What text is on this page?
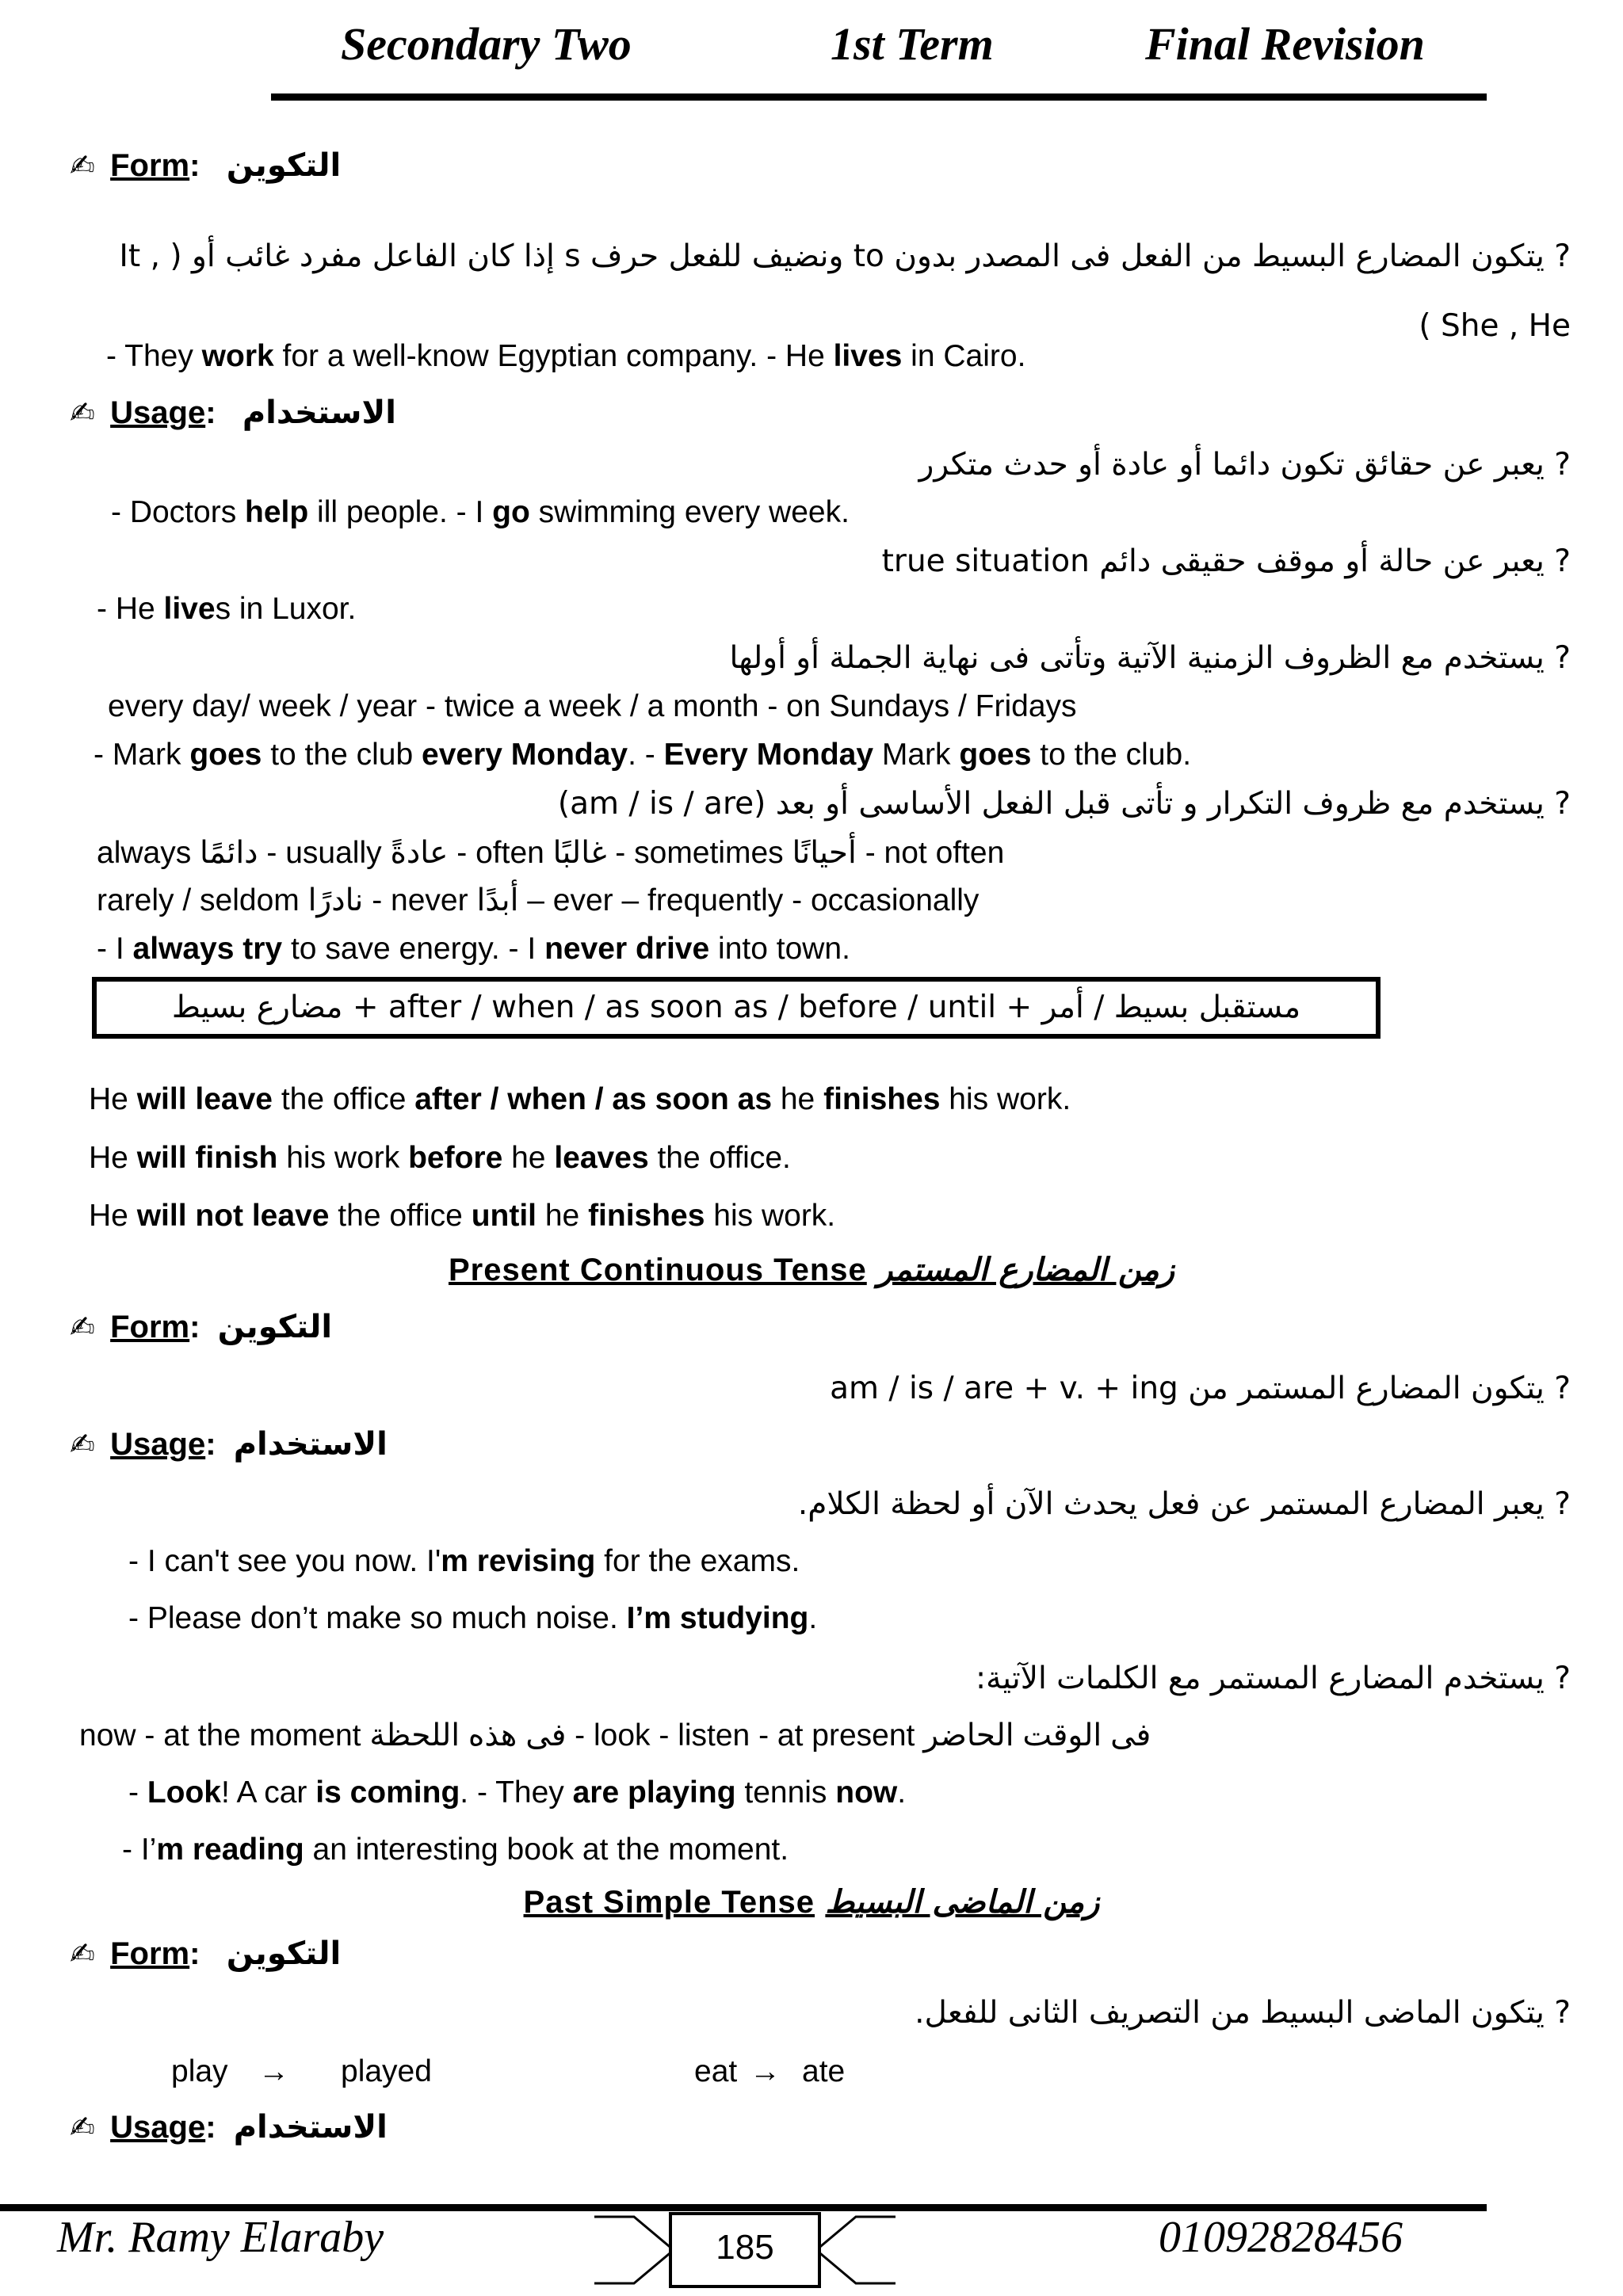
Secondary Two	1st Term	Final Revision
✍ Form:   التكوين
? يتكون المضارع البسيط من الفعل فى المصدر بدون to ونضيف للفعل حرف s إذا كان الفاعل مفرد غائب أو ( It , She , He )
- They work for a well-know Egyptian company. - He lives in Cairo.
✍ Usage:   الاستخدام
? يعبر عن حقائق تكون دائما أو عادة أو حدث متكرر
- Doctors help ill people. - I go swimming every week.
? يعبر عن حالة أو موقف حقيقى دائم true situation
- He lives in Luxor.
? يستخدم مع الظروف الزمنية الآتية وتأتى فى نهاية الجملة أو أولها
every day/ week / year - twice a week / a month - on Sundays / Fridays
- Mark goes to the club every Monday. - Every Monday Mark goes to the club.
? يستخدم مع ظروف التكرار و تأتى قبل الفعل الأساسى أو بعد (am / is / are)
always دائمًا - usually عادةً - often غالبًا - sometimes أحيانًا - not often
rarely / seldom نادرًا - never أبدًا – ever – frequently - occasionally
- I always try to save energy. - I never drive into town.
مستقبل بسيط / أمر + after / when / as soon as / before / until + مضارع بسيط
He will leave the office after / when / as soon as he finishes his work.
He will finish his work before he leaves the office.
He will not leave the office until he finishes his work.
Present Continuous Tense زمن المضارع المستمر
✍ Form:  التكوين
? يتكون المضارع المستمر من am / is / are + v. + ing
✍ Usage:  الاستخدام
? يعبر المضارع المستمر عن فعل يحدث الآن أو لحظة الكلام.
- I can't see you now. I'm revising for the exams.
- Please don’t make so much noise. I’m studying.
? يستخدم المضارع المستمر مع الكلمات الآتية:
now - at the moment فى هذه اللحظة - look - listen - at present فى الوقت الحاضر
- Look! A car is coming. - They are playing tennis now.
- I’m reading an interesting book at the moment.
Past Simple Tense زمن الماضى البسيط
✍ Form:   التكوين
? يتكون الماضى البسيط من التصريف الثانى للفعل.
play → played	eat → ate
✍ Usage:  الاستخدام
Mr. Ramy Elaraby	185	01092828456
